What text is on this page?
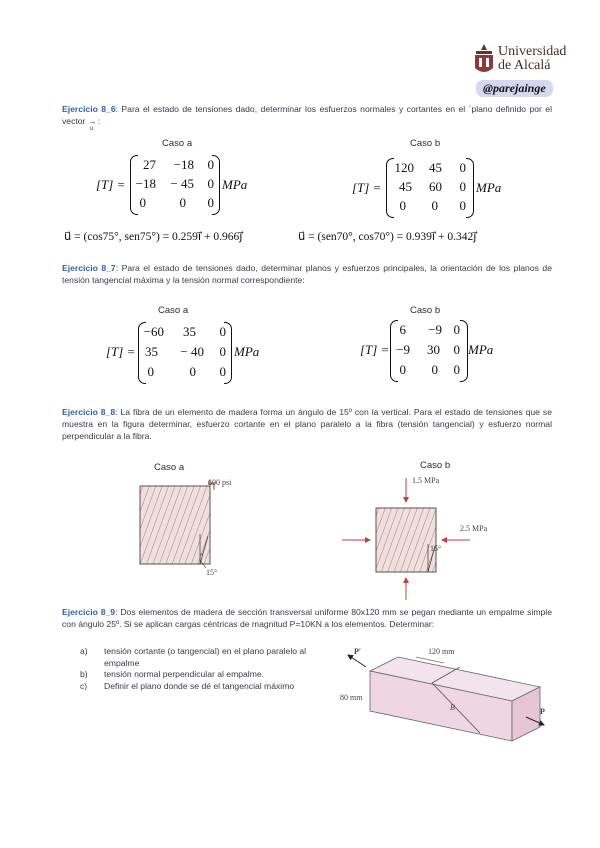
Universidad
de Alcalá
@parejainge
Ejercicio 8_6: Para el estado de tensiones dado, determinar los esfuerzos normales y cortantes en el `plano definido por el vector →
u
:
Caso a	Caso b
[T] =
27	−18	0
−18	− 45	0
0	0	0
MPa	[T] =
120	45	0
45	60	0
0	0	0
MPa
u⃗ = (cos75°, sen75°) = 0.259i⃗ + 0.966j⃗	u⃗ = (sen70°, cos70°) = 0.939i⃗ + 0.342j⃗
Ejercicio 8_7: Para el estado de tensiones dado, determinar planos y esfuerzos principales, la orientación de los planos de tensión tangencial máxima y la tensión normal correspondiente:
Caso a	Caso b
[T] =
−60	35	0
35	− 40	0
0	0	0
MPa	[T] =
6	−9 0
−9	30	0
0	0	0
MPa
Ejercicio 8_8: La fibra de un elemento de madera forma un ángulo de 15º con la vertical. Para el estado de tensiones que se muestra en la figura determinar, esfuerzo cortante en el plano paralelo a la fibra (tensión tangencial) y esfuerzo normal perpendicular a la fibra.
Caso a	Caso b
600 psi
15°
1.5 MPa
2.5 MPa
15°
Ejercicio 8_9: Dos elementos de madera de sección transversal uniforme 80x120 mm se pegan mediante un empalme simple con ángulo 25º. Si se aplican cargas céntricas de magnitud P=10KN a los elementos. Determinar:
a) tensión cortante (o tangencial) en el plano paralelo al empalme
b) tensión normal perpendicular al empalme.
c) Definir el plano donde se dé el tangencial máximo
120 mm
80 mm
P′
P
B
